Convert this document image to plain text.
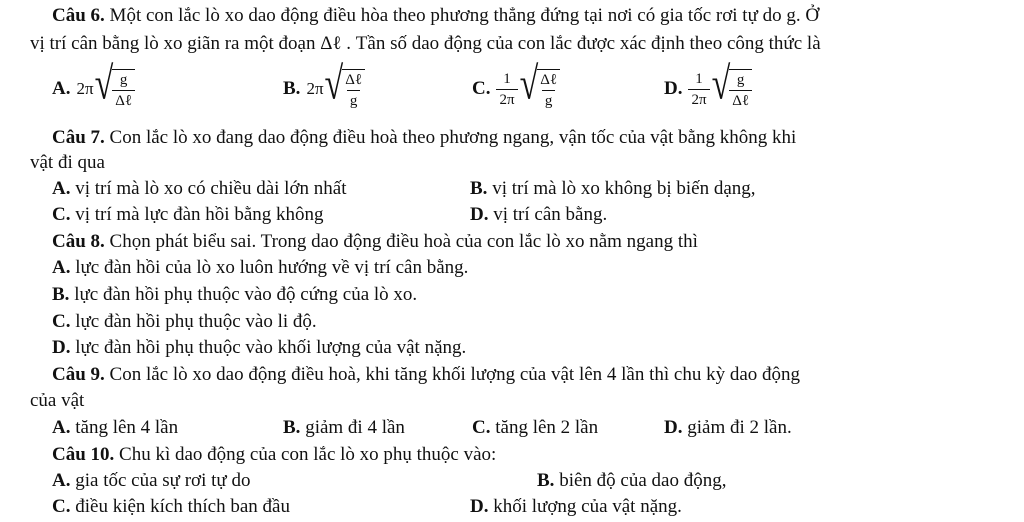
Câu 6. Một con lắc lò xo dao động điều hòa theo phương thẳng đứng tại nơi có gia tốc rơi tự do g. Ở
vị trí cân bằng lò xo giãn ra một đoạn Δℓ . Tần số dao động của con lắc được xác định theo công thức là
A. 2π √ $\frac{g}{\text{Δℓ}}$	B. 2π √ $\frac{\text{Δℓ}}{g}$	C. $\frac{1}{2\pi}$ √ $\frac{\text{Δℓ}}{g}$	D. $\frac{1}{2\pi}$ √ $\frac{g}{\text{Δℓ}}$
Câu 7. Con lắc lò xo đang dao động điều hoà theo phương ngang, vận tốc của vật bằng không khi
vật đi qua
A. vị trí mà lò xo có chiều dài lớn nhất	B. vị trí mà lò xo không bị biến dạng,
C. vị trí mà lực đàn hồi bằng không	D. vị trí cân bằng.
Câu 8. Chọn phát biểu sai. Trong dao động điều hoà của con lắc lò xo nằm ngang thì
A. lực đàn hồi của lò xo luôn hướng về vị trí cân bằng.
B. lực đàn hồi phụ thuộc vào độ cứng của lò xo.
C. lực đàn hồi phụ thuộc vào li độ.
D. lực đàn hồi phụ thuộc vào khối lượng của vật nặng.
Câu 9. Con lắc lò xo dao động điều hoà, khi tăng khối lượng của vật lên 4 lần thì chu kỳ dao động
của vật
A. tăng lên 4 lần	B. giảm đi 4 lần	C. tăng lên 2 lần	D. giảm đi 2 lần.
Câu 10. Chu kì dao động của con lắc lò xo phụ thuộc vào:
A. gia tốc của sự rơi tự do	B. biên độ của dao động,
C. điều kiện kích thích ban đầu	D. khối lượng của vật nặng.
